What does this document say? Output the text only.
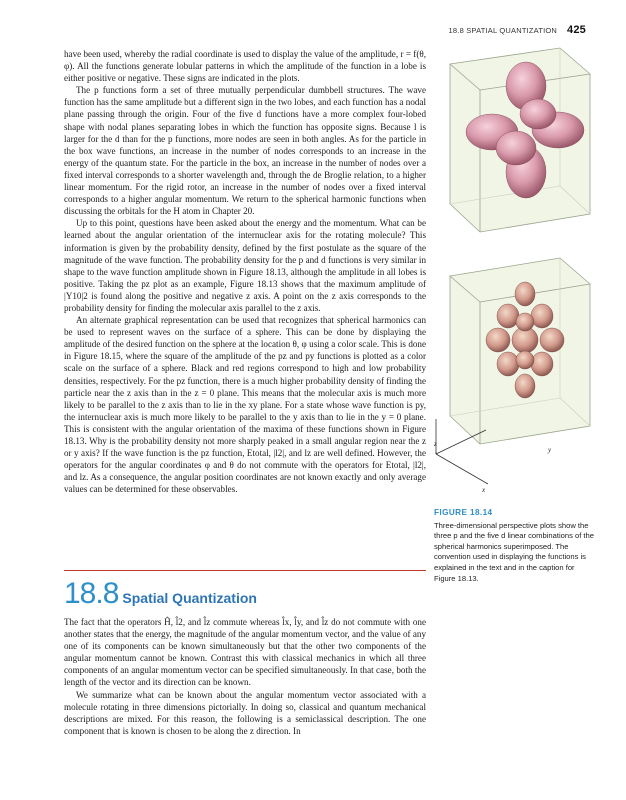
18.8 SPATIAL QUANTIZATION 425

have been used, whereby the radial coordinate is used to display the value of the amplitude, r = f(θ, φ). All the functions generate lobular patterns in which the amplitude of the function in a lobe is either positive or negative. These signs are indicated in the plots.

The p functions form a set of three mutually perpendicular dumbbell structures. The wave function has the same amplitude but a different sign in the two lobes, and each function has a nodal plane passing through the origin. Four of the five d functions have a more complex four-lobed shape with nodal planes separating lobes in which the function has opposite signs. Because l is larger for the d than for the p functions, more nodes are seen in both angles. As for the particle in the box wave functions, an increase in the number of nodes corresponds to an increase in the energy of the quantum state. For the particle in the box, an increase in the number of nodes over a fixed interval corresponds to a shorter wavelength and, through the de Broglie relation, to a higher linear momentum. For the rigid rotor, an increase in the number of nodes over a fixed interval corresponds to a higher angular momentum. We return to the spherical harmonic functions when discussing the orbitals for the H atom in Chapter 20.

Up to this point, questions have been asked about the energy and the momentum. What can be learned about the angular orientation of the internuclear axis for the rotating molecule? This information is given by the probability density, defined by the first postulate as the square of the magnitude of the wave function. The probability density for the p and d functions is very similar in shape to the wave function amplitude shown in Figure 18.13, although the amplitude in all lobes is positive. Taking the pz plot as an example, Figure 18.13 shows that the maximum amplitude of |Y10|2 is found along the positive and negative z axis. A point on the z axis corresponds to the probability density for finding the molecular axis parallel to the z axis.

An alternate graphical representation can be used that recognizes that spherical harmonics can be used to represent waves on the surface of a sphere. This can be done by displaying the amplitude of the desired function on the sphere at the location θ, φ using a color scale. This is done in Figure 18.15, where the square of the amplitude of the pz and py functions is plotted as a color scale on the surface of a sphere. Black and red regions correspond to high and low probability densities, respectively. For the pz function, there is a much higher probability density of finding the particle near the z axis than in the z = 0 plane. This means that the molecular axis is much more likely to be parallel to the z axis than to lie in the xy plane. For a state whose wave function is py, the internuclear axis is much more likely to be parallel to the y axis than to lie in the y = 0 plane. This is consistent with the angular orientation of the maxima of these functions shown in Figure 18.13. Why is the probability density not more sharply peaked in a small angular region near the z or y axis? If the wave function is the pz function, Etotal, |l2|, and lz are well defined. However, the operators for the angular coordinates φ and θ do not commute with the operators for Etotal, |l2|, and lz. As a consequence, the angular position coordinates are not known exactly and only average values can be determined for these observables.

18.8 Spatial Quantization

The fact that the operators Ĥ, l̂2, and l̂z commute whereas l̂x, l̂y, and l̂z do not commute with one another states that the energy, the magnitude of the angular momentum vector, and the value of any one of its components can be known simultaneously but that the other two components of the angular momentum cannot be known. Contrast this with classical mechanics in which all three components of an angular momentum vector can be specified simultaneously. In that case, both the length of the vector and its direction can be known.

We summarize what can be known about the angular momentum vector associated with a molecule rotating in three dimensions pictorially. In doing so, classical and quantum mechanical descriptions are mixed. For this reason, the following is a semiclassical description. The one component that is known is chosen to be along the z direction. In

z
y
x
FIGURE 18.14
Three-dimensional perspective plots show the three p and the five d linear combinations of the spherical harmonics superimposed. The convention used in displaying the functions is explained in the text and in the caption for Figure 18.13.
